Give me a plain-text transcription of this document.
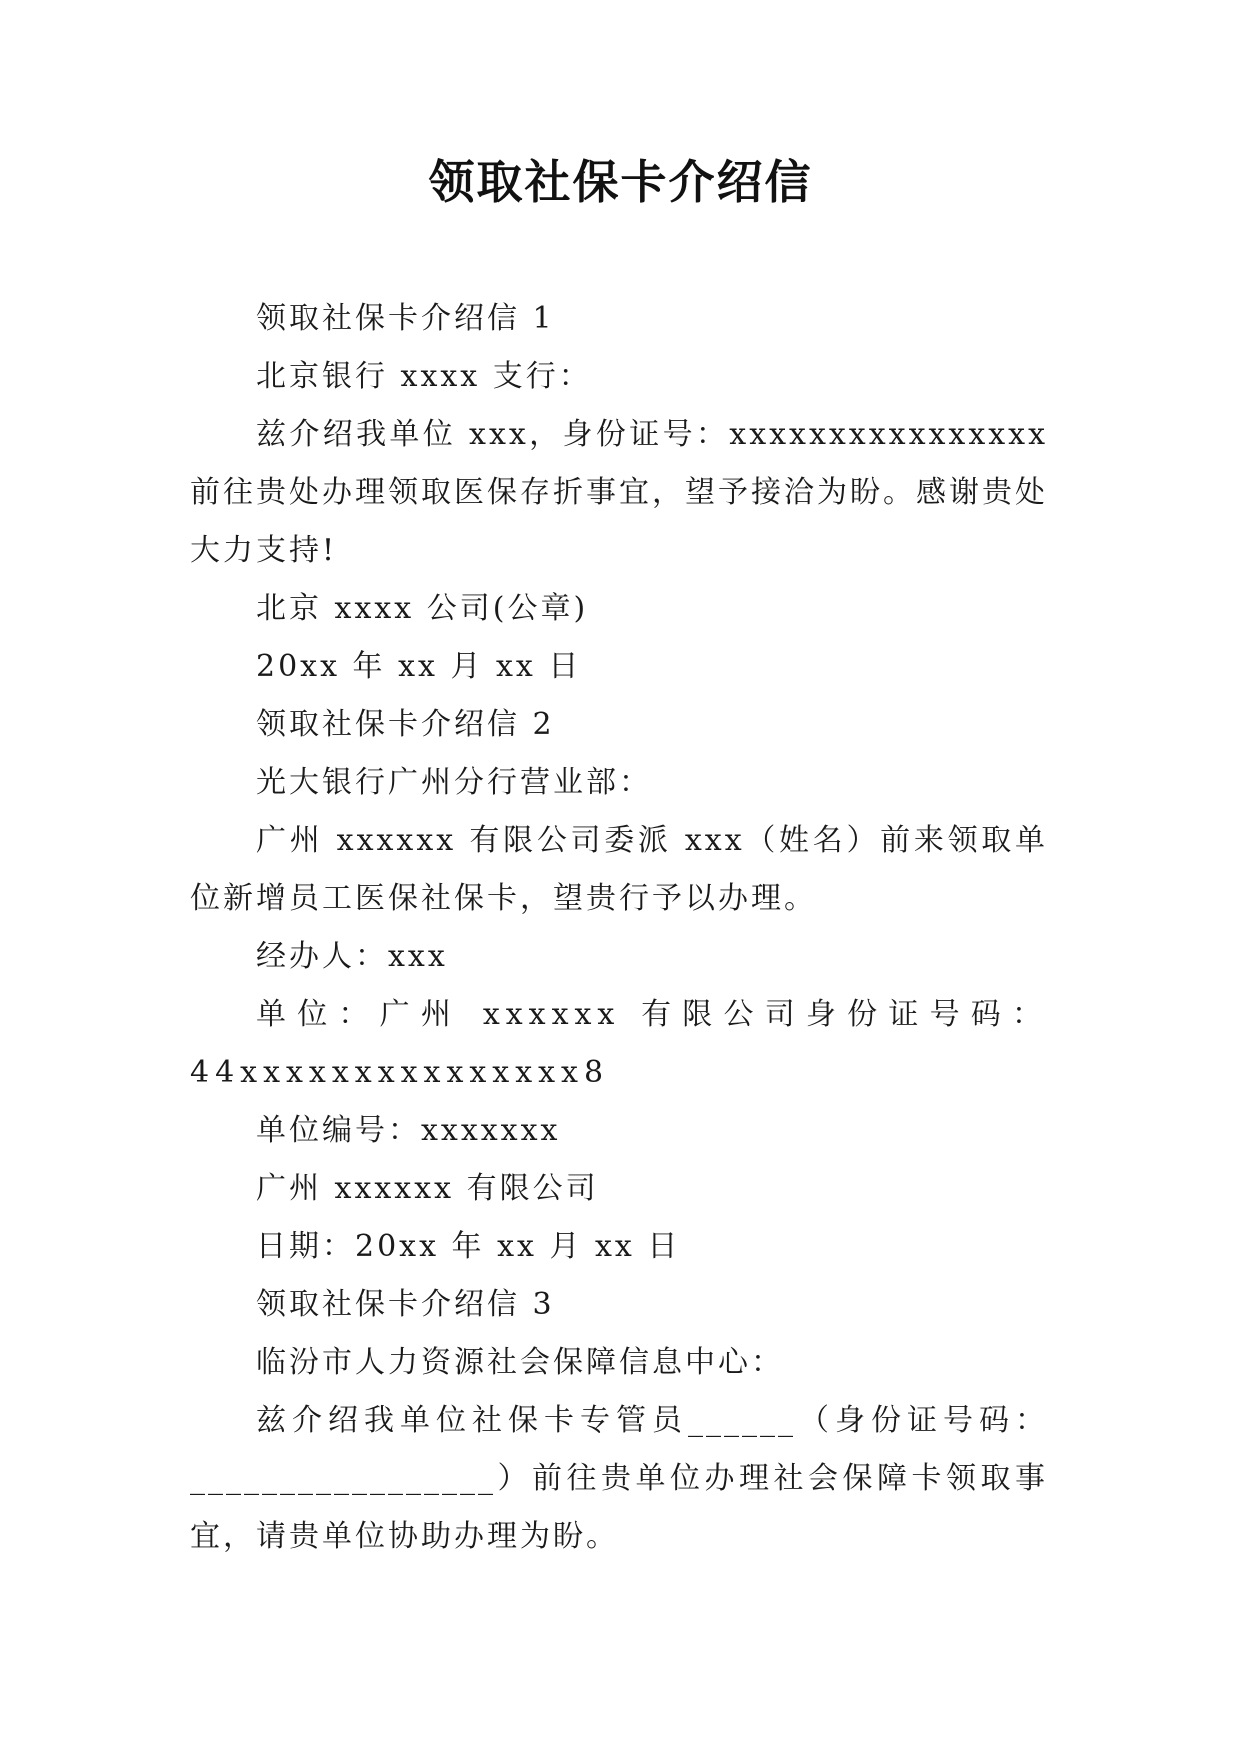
领取社保卡介绍信

领取社保卡介绍信 1

北京银行 xxxx 支行：

兹介绍我单位 xxx，身份证号：xxxxxxxxxxxxxxxx 前往贵处办理领取医保存折事宜，望予接洽为盼。感谢贵处大力支持!

北京 xxxx 公司(公章)

20xx 年 xx 月 xx 日

领取社保卡介绍信 2

光大银行广州分行营业部：

广州 xxxxxx 有限公司委派 xxx（姓名）前来领取单位新增员工医保社保卡，望贵行予以办理。

经办人：xxx

单位：广州 xxxxxx 有限公司身份证号码：44xxxxxxxxxxxxxxx8

单位编号：xxxxxxx

广州 xxxxxx 有限公司

日期：20xx 年 xx 月 xx 日

领取社保卡介绍信 3

临汾市人力资源社会保障信息中心：

兹介绍我单位社保卡专管员______（身份证号码：_________________）前往贵单位办理社会保障卡领取事宜，请贵单位协助办理为盼。
